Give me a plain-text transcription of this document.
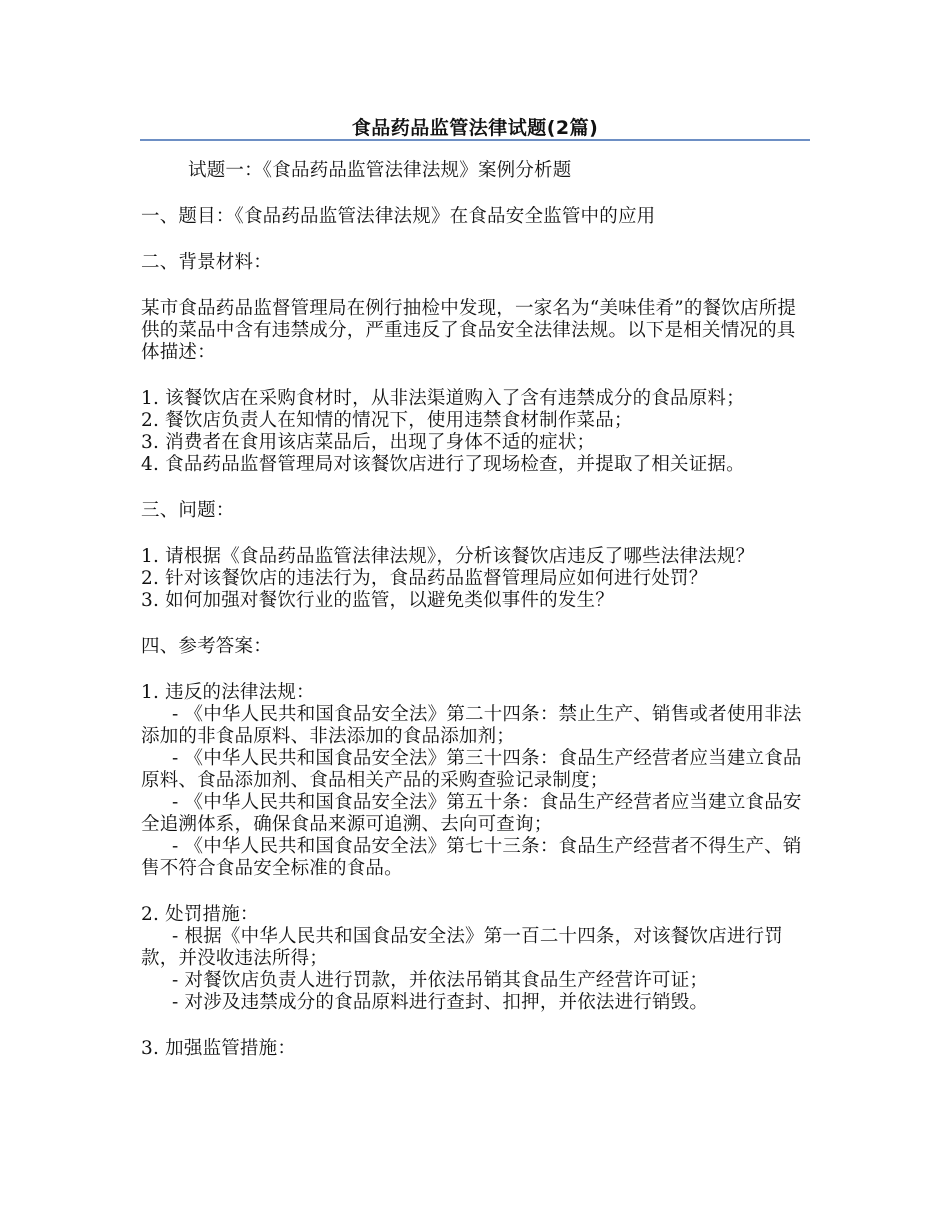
食品药品监管法律试题(2篇)

试题一：《食品药品监管法律法规》案例分析题

一、题目：《食品药品监管法律法规》在食品安全监管中的应用

二、背景材料：

某市食品药品监督管理局在例行抽检中发现，一家名为“美味佳肴”的餐饮店所提供的菜品中含有违禁成分，严重违反了食品安全法律法规。以下是相关情况的具体描述：

1. 该餐饮店在采购食材时，从非法渠道购入了含有违禁成分的食品原料；

2. 餐饮店负责人在知情的情况下，使用违禁食材制作菜品；

3. 消费者在食用该店菜品后，出现了身体不适的症状；

4. 食品药品监督管理局对该餐饮店进行了现场检查，并提取了相关证据。

三、问题：

1. 请根据《食品药品监管法律法规》，分析该餐饮店违反了哪些法律法规？

2. 针对该餐饮店的违法行为，食品药品监督管理局应如何进行处罚？

3. 如何加强对餐饮行业的监管，以避免类似事件的发生？

四、参考答案：

1. 违反的法律法规：

- 《中华人民共和国食品安全法》第二十四条：禁止生产、销售或者使用非法添加的非食品原料、非法添加的食品添加剂；

- 《中华人民共和国食品安全法》第三十四条：食品生产经营者应当建立食品原料、食品添加剂、食品相关产品的采购查验记录制度；

- 《中华人民共和国食品安全法》第五十条：食品生产经营者应当建立食品安全追溯体系，确保食品来源可追溯、去向可查询；

- 《中华人民共和国食品安全法》第七十三条：食品生产经营者不得生产、销售不符合食品安全标准的食品。

2. 处罚措施：

- 根据《中华人民共和国食品安全法》第一百二十四条，对该餐饮店进行罚款，并没收违法所得；

- 对餐饮店负责人进行罚款，并依法吊销其食品生产经营许可证；

- 对涉及违禁成分的食品原料进行查封、扣押，并依法进行销毁。

3. 加强监管措施：
